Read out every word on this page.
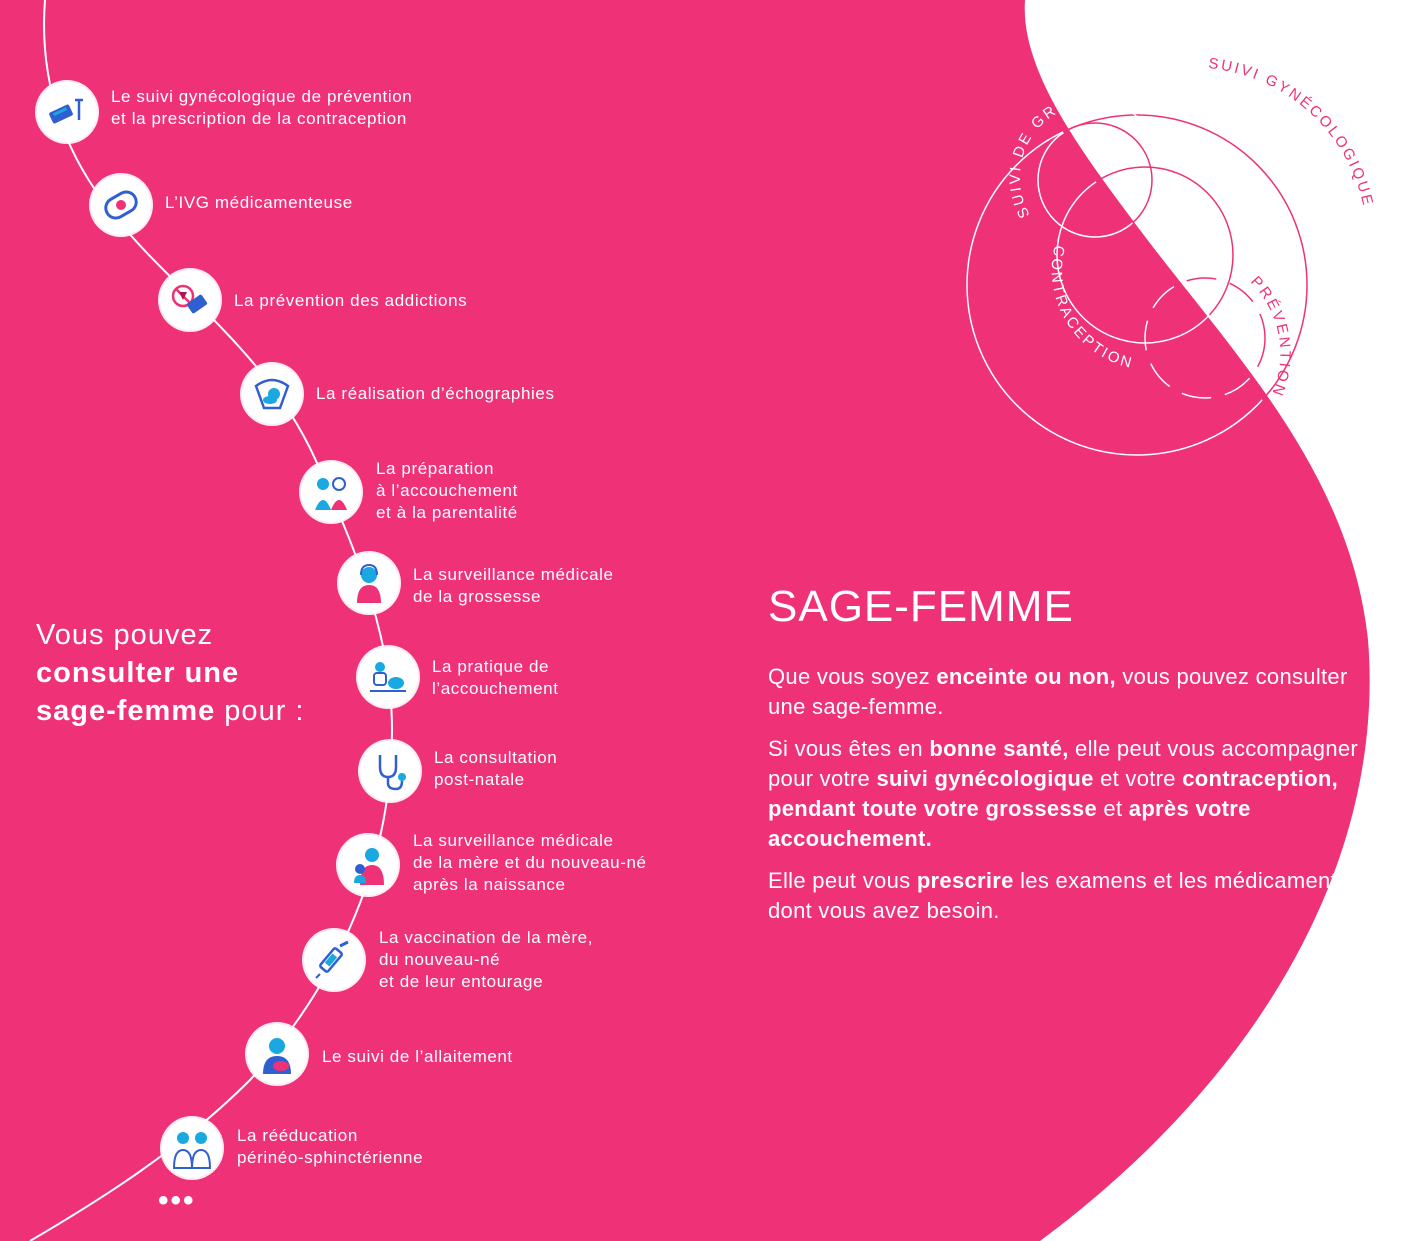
SUIVI DE GROSSESSE
SUIVI GYNÉCOLOGIQUE
CONTRACEPTION
PRÉVENTION
Le suivi gynécologique de prévention
et la prescription de la contraception
L’IVG médicamenteuse
La prévention des addictions
La réalisation d’échographies
La préparation
à l’accouchement
et à la parentalité
La surveillance médicale
de la grossesse
La pratique de
l’accouchement
La consultation
post-natale
La surveillance médicale
de la mère et du nouveau-né
après la naissance
La vaccination de la mère,
du nouveau-né
et de leur entourage
Le suivi de l’allaitement
La rééducation
périnéo-sphinctérienne
•••
Vous pouvez
consulter une
sage-femme pour :
SAGE-FEMME

Que vous soyez enceinte ou non, vous pouvez consulter une sage-femme.

Si vous êtes en bonne santé, elle peut vous accompagner pour votre suivi gynécologique et votre contraception, pendant toute votre grossesse et après votre accouchement.

Elle peut vous prescrire les examens et les médicaments dont vous avez besoin.
